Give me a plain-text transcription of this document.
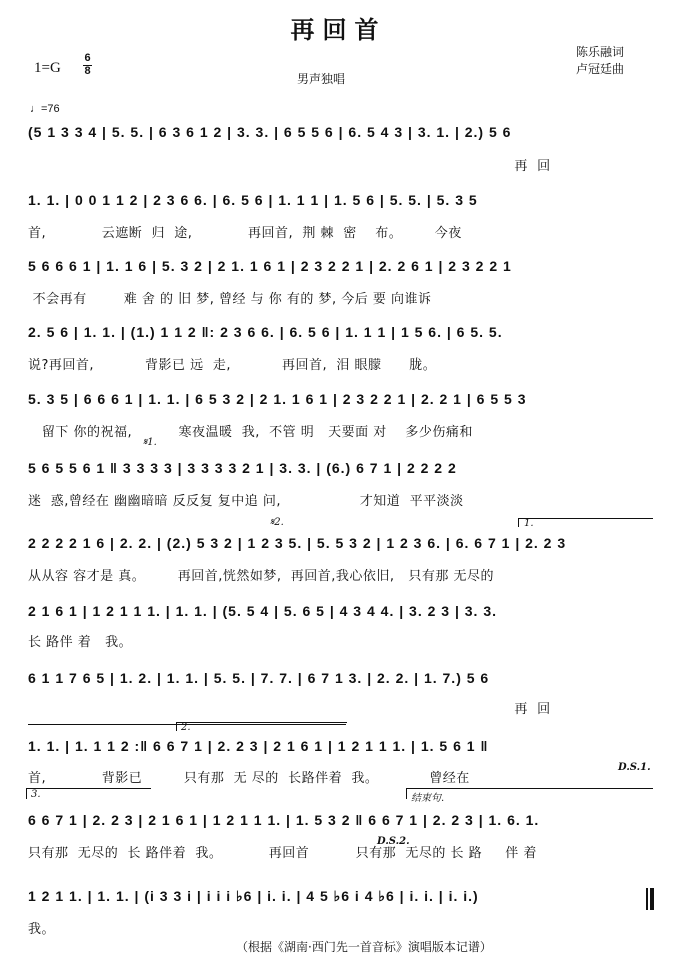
再回首
1=G
6
8
男声独唱
陈乐融词
卢冠廷曲
♩=76
(5 1 3 3 4 | 5. 5. | 6 3 6 1 2 | 3. 3. | 6 5 5 6 | 6. 5 4 3 | 3. 1. | 2.) 5 6
再  回
1. 1. | 0 0 1 1 2 | 2 3 6 6. | 6. 5 6 | 1. 1 1 | 1. 5 6 | 5. 5. | 5. 3 5
首,            云遮断  归  途,            再回首,  荆 棘  密    布。       今夜
5 6 6 6 1 | 1. 1 6 | 5. 3 2 | 2 1. 1 6 1 | 2 3 2 2 1 | 2. 2 6 1 | 2 3 2 2 1
不会再有        难 舍 的 旧 梦, 曾经 与 你 有的 梦, 今后 要 向谁诉
2. 5 6 | 1. 1. | (1.) 1 1 2 ‖: 2 3 6 6. | 6. 5 6 | 1. 1 1 | 1 5 6. | 6 5. 5.
说?再回首,           背影已 远  走,           再回首,  泪 眼朦      胧。
5. 3 5 | 6 6 6 1 | 1. 1. | 6 5 3 2 | 2 1. 1 6 1 | 2 3 2 2 1 | 2. 2 1 | 6 5 5 3
留下 你的祝福,          寒夜温暖  我,  不管 明   天要面 对    多少伤痛和
𝄋1.
5 6 5 5 6 1 ‖ 3 3 3 3 | 3 3 3 3 2 1 | 3. 3. | (6.) 6 7 1 | 2 2 2 2
迷  惑,曾经在 幽幽暗暗 反反复 复中追 问,                 才知道  平平淡淡
2 2 2 2 1 6 | 2. 2. | (2.) 5 3 2 | 1 2 3 5. | 5. 5 3 2 | 1 2 3 6. | 6. 6 7 1 | 2. 2 3
从从容 容才是 真。       再回首,恍然如梦,  再回首,我心依旧,   只有那 无尽的
𝄋2.	1.
2 1 6 1 | 1 2 1 1 1. | 1. 1. | (5. 5 4 | 5. 6 5 | 4 3 4 4. | 3. 2 3 | 3. 3.
长 路伴 着   我。
6 1 1 7 6 5 | 1. 2. | 1. 1. | 5. 5. | 7. 7. | 6 7 1 3. | 2. 2. | 1. 7.) 5 6
再  回
1. 1. | 1. 1 1 2 :‖ 6 6 7 1 | 2. 2 3 | 2 1 6 1 | 1 2 1 1 1. | 1. 5 6 1 ‖
首,            背影已         只有那  无 尽的  长路伴着  我。           曾经在
2.
D.S.1.
6 6 7 1 | 2. 2 3 | 2 1 6 1 | 1 2 1 1 1. | 1. 5 3 2 ‖ 6 6 7 1 | 2. 2 3 | 1. 6. 1.
只有那  无尽的  长 路伴着  我。          再回首          只有那  无尽的 长 路     伴 着
3.	结束句.
D.S.2.
1 2 1 1. | 1. 1. | (i 3 3 i | i i i ♭6 | i. i. | 4 5 ♭6 i 4 ♭6 | i. i. | i. i.)
我。
（根据《湖南·西门先一首音标》演唱版本记谱）
